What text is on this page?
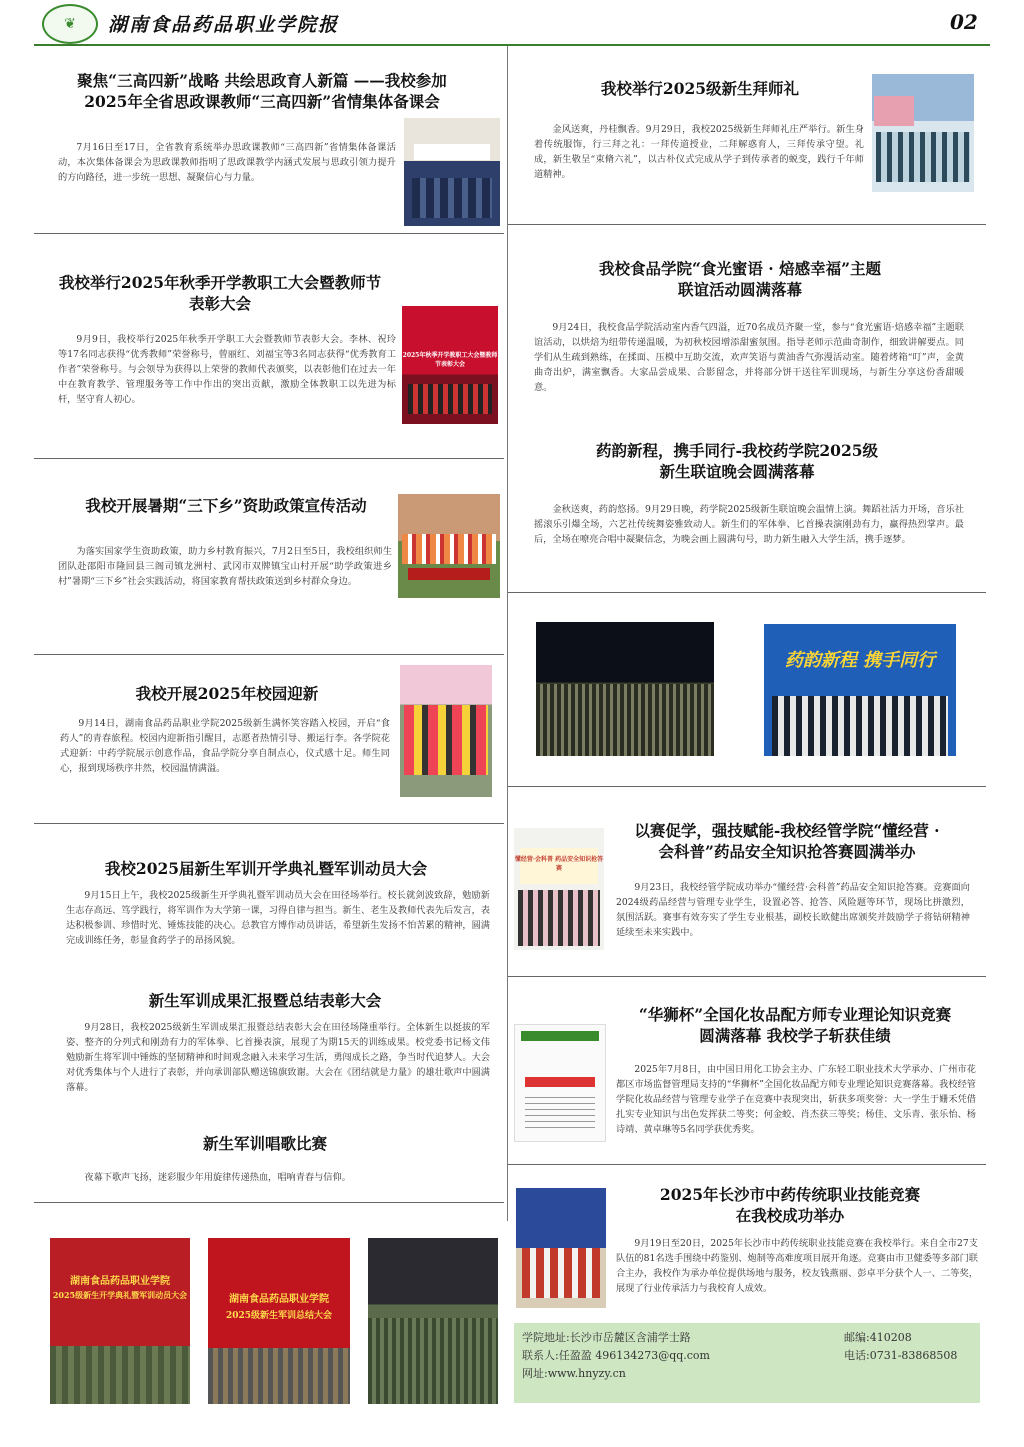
❦	湖南食品药品职业学院报	02
聚焦“三高四新”战略 共绘思政育人新篇 ——我校参加
2025年全省思政课教师“三高四新”省情集体备课会

7月16日至17日，全省教育系统举办思政课教师“三高四新”省情集体备课活动，本次集体备课会为思政课教师指明了思政课教学内涵式发展与思政引领力提升的方向路径，进一步统一思想、凝聚信心与力量。

我校举行2025年秋季开学教职工大会暨教师节
表彰大会

9月9日，我校举行2025年秋季开学职工大会暨教师节表彰大会。李林、祝玲等17名同志获得“优秀教师”荣誉称号，曾丽红、刘福宝等3名同志获得“优秀教育工作者”荣誉称号。与会领导为获得以上荣誉的教师代表颁奖，以表彰他们在过去一年中在教育教学、管理服务等工作中作出的突出贡献，激励全体教职工以先进为标杆，坚守育人初心。

2025年秋季开学教职工大会暨教师节表彰大会
我校开展暑期“三下乡”资助政策宣传活动

为落实国家学生资助政策，助力乡村教育振兴，7月2日至5日，我校组织师生团队赴邵阳市隆回县三阁司镇龙洲村、武冈市双牌镇宝山村开展“助学政策进乡村”暑期“三下乡”社会实践活动，将国家教育帮扶政策送到乡村群众身边。

我校开展2025年校园迎新

9月14日，湖南食品药品职业学院2025级新生满怀笑容踏入校园，开启“食药人”的青春旅程。校园内迎新指引醒目，志愿者热情引导、搬运行李。各学院花式迎新：中药学院展示创意作品，食品学院分享自制点心，仪式感十足。师生同心，报到现场秩序井然，校园温情满溢。

我校2025届新生军训开学典礼暨军训动员大会

9月15日上午，我校2025级新生开学典礼暨军训动员大会在田径场举行。校长就剑波致辞，勉励新生志存高远、笃学践行，将军训作为大学第一课，习得自律与担当。新生、老生及教师代表先后发言，表达积极参训、珍惜时光、锤炼技能的决心。总教官方博作动员讲话，希望新生发扬不怕苦累的精神，圆满完成训练任务，彰显食药学子的昂扬风貌。

新生军训成果汇报暨总结表彰大会

9月28日，我校2025级新生军训成果汇报暨总结表彰大会在田径场隆重举行。全体新生以挺拔的军姿、整齐的分列式和刚劲有力的军体拳、匕首操表演，展现了为期15天的训练成果。校党委书记杨文伟勉励新生将军训中锤炼的坚韧精神和时间观念融入未来学习生活，勇闯成长之路，争当时代追梦人。大会对优秀集体与个人进行了表彰，并向承训部队赠送锦旗致谢。大会在《团结就是力量》的雄壮歌声中圆满落幕。

新生军训唱歌比赛

夜幕下歌声飞扬，迷彩服少年用旋律传递热血，唱响青春与信仰。

湖南食品药品职业学院
2025级新生开学典礼暨军训动员大会	湖南食品药品职业学院
2025级新生军训总结大会
我校举行2025级新生拜师礼

金风送爽，丹桂飘香。9月29日，我校2025级新生拜师礼庄严举行。新生身着传统服饰，行三拜之礼：一拜传道授业，二拜解惑育人，三拜传承守望。礼成，新生敬呈“束脩六礼”，以古朴仪式完成从学子到传承者的蜕变，践行千年师道精神。

我校食品学院“食光蜜语 · 焙感幸福”主题
联谊活动圆满落幕

9月24日，我校食品学院活动室内香气四溢，近70名成员齐聚一堂，参与“食光蜜语·焙感幸福”主题联谊活动，以烘焙为纽带传递温暖，为初秋校园增添甜蜜氛围。指导老师示范曲奇制作，细致讲解要点。同学们从生疏到熟练，在揉面、压模中互助交流，欢声笑语与黄油香气弥漫活动室。随着烤箱“叮”声，金黄曲奇出炉，满室飘香。大家品尝成果、合影留念，并将部分饼干送往军训现场，与新生分享这份香甜暖意。

药韵新程，携手同行-我校药学院2025级
新生联谊晚会圆满落幕

金秋送爽，药韵悠扬。9月29日晚，药学院2025级新生联谊晚会温情上演。舞蹈社活力开场，音乐社摇滚乐引爆全场，六艺社传统舞姿雅致动人。新生们的军体拳、匕首操表演刚劲有力，赢得热烈掌声。最后，全场在嘹亮合唱中凝聚信念，为晚会画上圆满句号，助力新生融入大学生活，携手逐梦。

药韵新程 携手同行
以赛促学，强技赋能-我校经管学院“懂经营 ·
会科普”药品安全知识抢答赛圆满举办

9月23日，我校经管学院成功举办“懂经营·会科普”药品安全知识抢答赛。竞赛面向2024级药品经营与管理专业学生，设置必答、抢答、风险题等环节，现场比拼激烈，氛围活跃。赛事有效夯实了学生专业根基，副校长欧健出席颁奖并鼓励学子将钻研精神延续至未来实践中。

懂经营·会科普 药品安全知识抢答赛
“华狮杯”全国化妆品配方师专业理论知识竞赛
圆满落幕 我校学子斩获佳绩

2025年7月8日，由中国日用化工协会主办、广东轻工职业技术大学承办、广州市花都区市场监督管理局支持的“华狮杯”全国化妆品配方师专业理论知识竞赛落幕。我校经管学院化妆品经营与管理专业学子在竞赛中表现突出，斩获多项奖誉：大一学生于姗禾凭借扎实专业知识与出色发挥获二等奖；何金蛟、肖杰获三等奖；杨佳、文乐青、张乐怡、杨诗靖、黄卓琳等5名同学获优秀奖。

2025年长沙市中药传统职业技能竞赛
在我校成功举办

9月19日至20日，2025年长沙市中药传统职业技能竞赛在我校举行。来自全市27支队伍的81名选手围绕中药鉴别、炮制等高难度项目展开角逐。竞赛由市卫健委等多部门联合主办，我校作为承办单位提供场地与服务，校友钱燕丽、彭卓平分获个人一、二等奖，展现了行业传承活力与我校育人成效。

学院地址:长沙市岳麓区含浦学士路	邮编:410208
联系人:任盈盈 496134273@qq.com	电话:0731-83868508
网址:www.hnyzy.cn
